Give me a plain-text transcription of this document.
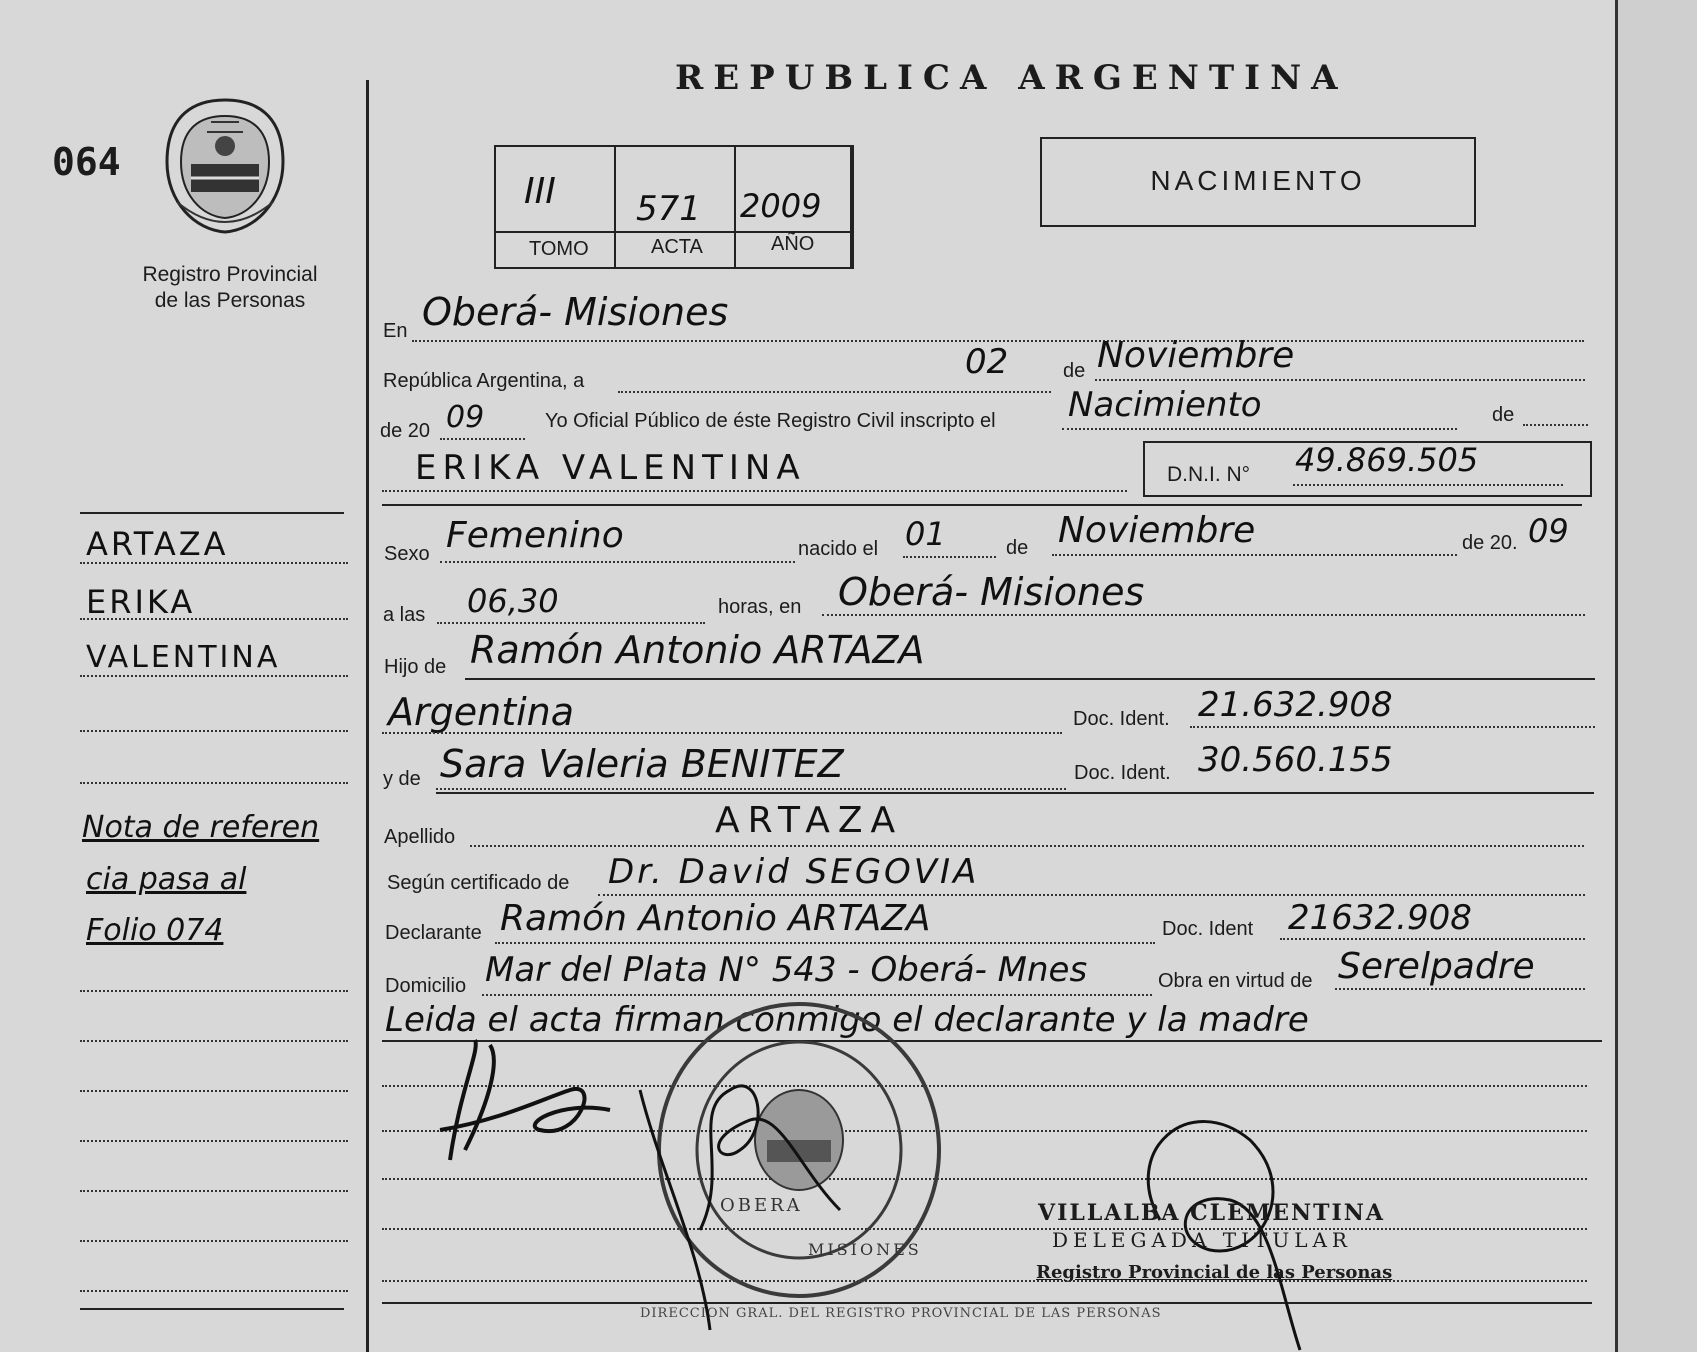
064
Registro Provincial
de las Personas
REPUBLICA ARGENTINA
III 571 2009
TOMO	ACTA	AÑO
NACIMIENTO
En Oberá- Misiones
República Argentina, a	02	de Noviembre
de 20 09	Yo Oficial Público de éste Registro Civil inscripto el Nacimiento	de
ERIKA VALENTINA	D.N.I. N° 49.869.505
Sexo Femenino	nacido el 01	de Noviembre	de 20. 09
a las 06,30	horas, en Oberá- Misiones
Hijo de Ramón Antonio ARTAZA
Argentina	Doc. Ident. 21.632.908
y de Sara Valeria BENITEZ	Doc. Ident. 30.560.155
Apellido	ARTAZA
Según certificado de Dr. David SEGOVIA
Declarante Ramón Antonio ARTAZA	Doc. Ident 21632.908
Domicilio Mar del Plata N° 543 - Oberá- Mnes	Obra en virtud de Serelpadre
Leida el acta firman conmigo el declarante y la madre
OBERA
MISIONES
DIRECCION GRAL. DEL REGISTRO PROVINCIAL DE LAS PERSONAS
VILLALBA CLEMENTINA
DELEGADA TITULAR
Registro Provincial de las Personas
ARTAZA
ERIKA
VALENTINA
Nota de referen
cia pasa al
Folio 074
